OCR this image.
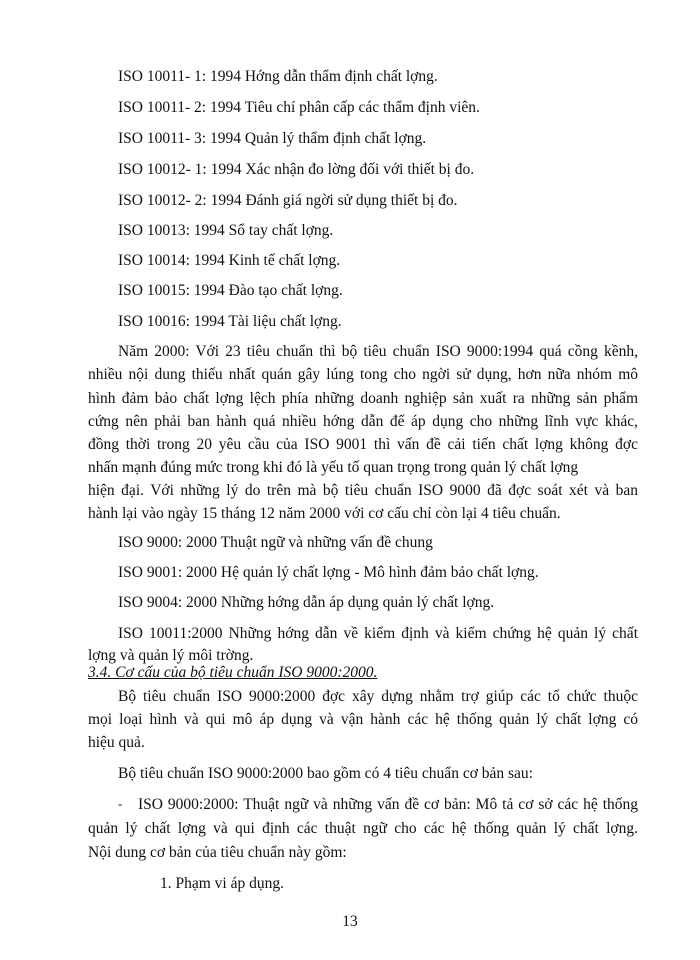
ISO 10011- 1: 1994 Hớng dẫn thẩm định chất lợng.
ISO 10011- 2: 1994 Tiêu chí phân cấp các thẩm định viên.
ISO 10011- 3: 1994 Quản lý thẩm định chất lợng.
ISO 10012- 1: 1994 Xác nhận đo lờng đối với thiết bị đo.
ISO 10012- 2: 1994 Đánh giá ngời sử dụng thiết bị đo.
ISO 10013: 1994 Sổ tay chất lợng.
ISO 10014: 1994 Kinh tế chất lợng.
ISO 10015: 1994 Đào tạo chất lợng.
ISO 10016: 1994 Tài liệu chất lợng.
Năm 2000: Với 23 tiêu chuẩn thì bộ tiêu chuẩn ISO 9000:1994 quá cồng kềnh,
nhiều nội dung thiếu nhất quán gây lúng tong cho ngời sử dụng, hơn nữa nhóm mô
hình đảm bảo chất lợng lệch phía những doanh nghiệp sản xuất ra những sản phẩm
cứng nên phải ban hành quá nhiều hớng dẫn để áp dụng cho những lĩnh vực khác,
đồng thời trong 20 yêu cầu của ISO 9001 thì vấn đề cải tiến chất lợng không đợc
nhấn mạnh đúng mức trong khi đó là yếu tố quan trọng trong quản lý chất lợng
hiện đại. Với những lý do trên mà bộ tiêu chuẩn ISO 9000 đã đợc soát xét và ban
hành lại vào ngày 15 tháng 12 năm 2000 với cơ cấu chỉ còn lại 4 tiêu chuẩn.
ISO 9000: 2000 Thuật ngữ và những vấn đề chung
ISO 9001: 2000 Hệ quản lý chất lợng - Mô hình đảm bảo chất lợng.
ISO 9004: 2000 Những hớng dẫn áp dụng quản lý chất lợng.
ISO 10011:2000 Những hớng dẫn về kiểm định và kiểm chứng hệ quản lý chất
lợng và quản lý môi trờng.
3.4. Cơ cấu của bộ tiêu chuẩn ISO 9000:2000.
Bộ tiêu chuẩn ISO 9000:2000 đợc xây dựng nhằm trợ giúp các tổ chức thuộc
mọi loại hình và qui mô áp dụng và vận hành các hệ thống quản lý chất lợng có
hiệu quả.
Bộ tiêu chuẩn ISO 9000:2000 bao gồm có 4 tiêu chuẩn cơ bản sau:
- ISO 9000:2000: Thuật ngữ và những vấn đề cơ bản: Mô tả cơ sở các hệ thống
quản lý chất lợng và qui định các thuật ngữ cho các hệ thống quản lý chất lợng.
Nội dung cơ bản của tiêu chuẩn này gồm:
1. Phạm vi áp dụng.
13
